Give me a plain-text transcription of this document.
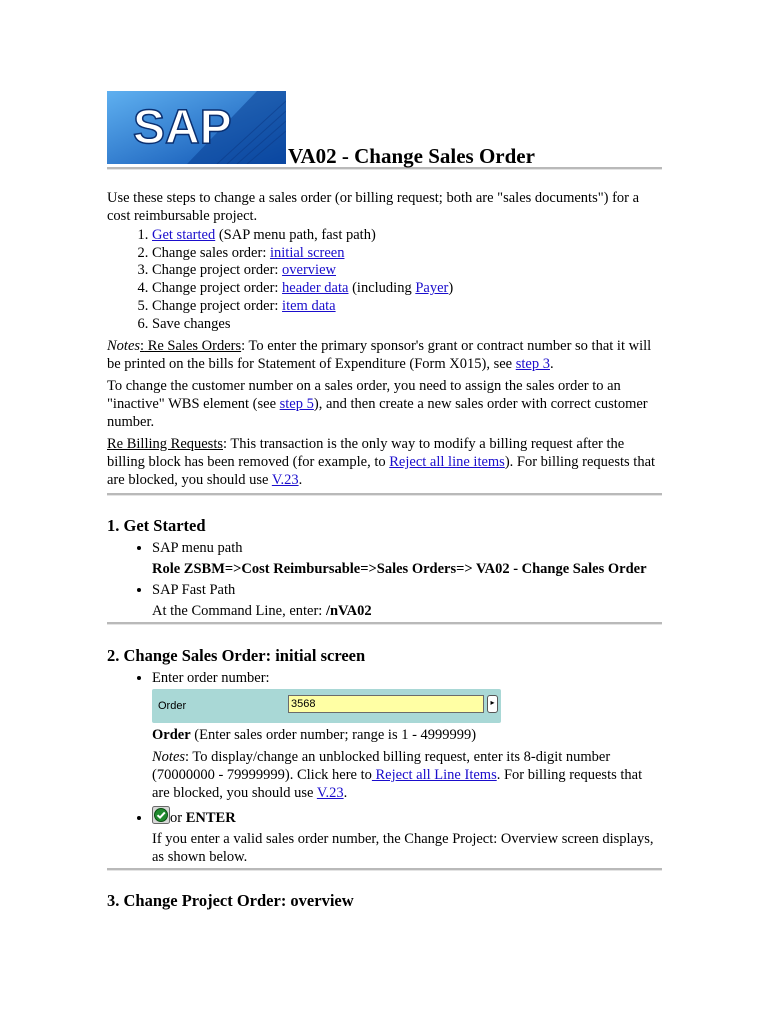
SAP
VA02 - Change Sales Order

Use these steps to change a sales order (or billing request; both are "sales documents") for a cost reimbursable project.

1. Get started (SAP menu path, fast path)
2. Change sales order: initial screen
3. Change project order: overview
4. Change project order: header data (including Payer)
5. Change project order: item data
6. Save changes

Notes: Re Sales Orders: To enter the primary sponsor's grant or contract number so that it will be printed on the bills for Statement of Expenditure (Form X015), see step 3.

To change the customer number on a sales order, you need to assign the sales order to an "inactive" WBS element (see step 5), and then create a new sales order with correct customer number.

Re Billing Requests: This transaction is the only way to modify a billing request after the billing block has been removed (for example, to Reject all line items). For billing requests that are blocked, you should use V.23.

1. Get Started
• SAP menu path
Role ZSBM=>Cost Reimbursable=>Sales Orders=> VA02 - Change Sales Order
• SAP Fast Path
At the Command Line, enter: /nVA02
2. Change Sales Order: initial screen
• Enter order number:
Order	3568	▸
Order (Enter sales order number; range is 1 - 4999999)
Notes: To display/change an unblocked billing request, enter its 8-digit number (70000000 - 79999999). Click here to Reject all Line Items. For billing requests that are blocked, you should use V.23.
• or ENTER
If you enter a valid sales order number, the Change Project: Overview screen displays, as shown below.
3. Change Project Order: overview
